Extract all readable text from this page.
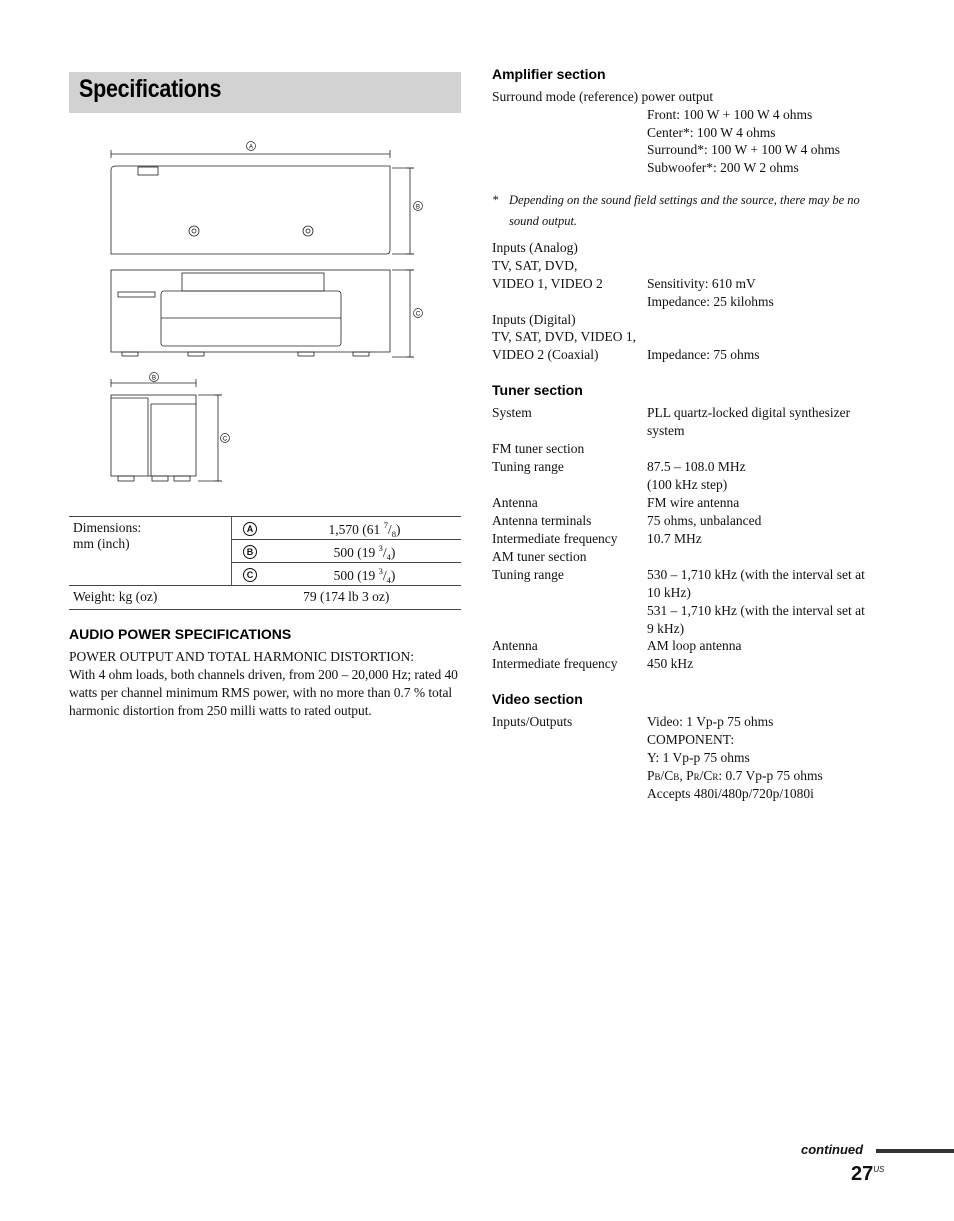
Specifications
A
B
C
B
C
Dimensions:
mm (inch)	A	1,570 (61 $^7/_8$)
	B	500 (19 $^3/_4$)
	C	500 (19 $^3/_4$)
Weight: kg (oz)	79 (174 lb 3 oz)	
AUDIO POWER SPECIFICATIONS
POWER OUTPUT AND TOTAL HARMONIC DISTORTION:
With 4 ohm loads, both channels driven, from 200 – 20,000 Hz; rated 40 watts per channel minimum RMS power, with no more than 0.7 % total harmonic distortion from 250 milli watts to rated output.
Amplifier section
Surround mode (reference) power output
Front: 100 W + 100 W 4 ohms
Center*: 100 W 4 ohms
Surround*: 100 W + 100 W 4 ohms
Subwoofer*: 200 W 2 ohms
* Depending on the sound field settings and the source, there may be no
sound output.
Inputs (Analog)
TV, SAT, DVD,
VIDEO 1, VIDEO 2	Sensitivity: 610 mV
Impedance: 25 kilohms
Inputs (Digital)
TV, SAT, DVD, VIDEO 1,
VIDEO 2 (Coaxial)	Impedance: 75 ohms
Tuner section
System	PLL quartz-locked digital synthesizer
system
FM tuner section
Tuning range	87.5 – 108.0 MHz
(100 kHz step)
Antenna	FM wire antenna
Antenna terminals	75 ohms, unbalanced
Intermediate frequency 10.7 MHz
AM tuner section
Tuning range	530 – 1,710 kHz (with the interval set at
10 kHz)
531 – 1,710 kHz (with the interval set at
9 kHz)
Antenna	AM loop antenna
Intermediate frequency 450 kHz
Video section
Inputs/Outputs	Video: 1 Vp-p 75 ohms
COMPONENT:
Y: 1 Vp-p 75 ohms
PB/CB, PR/CR: 0.7 Vp-p 75 ohms
Accepts 480i/480p/720p/1080i
continued
$27^{US}$
